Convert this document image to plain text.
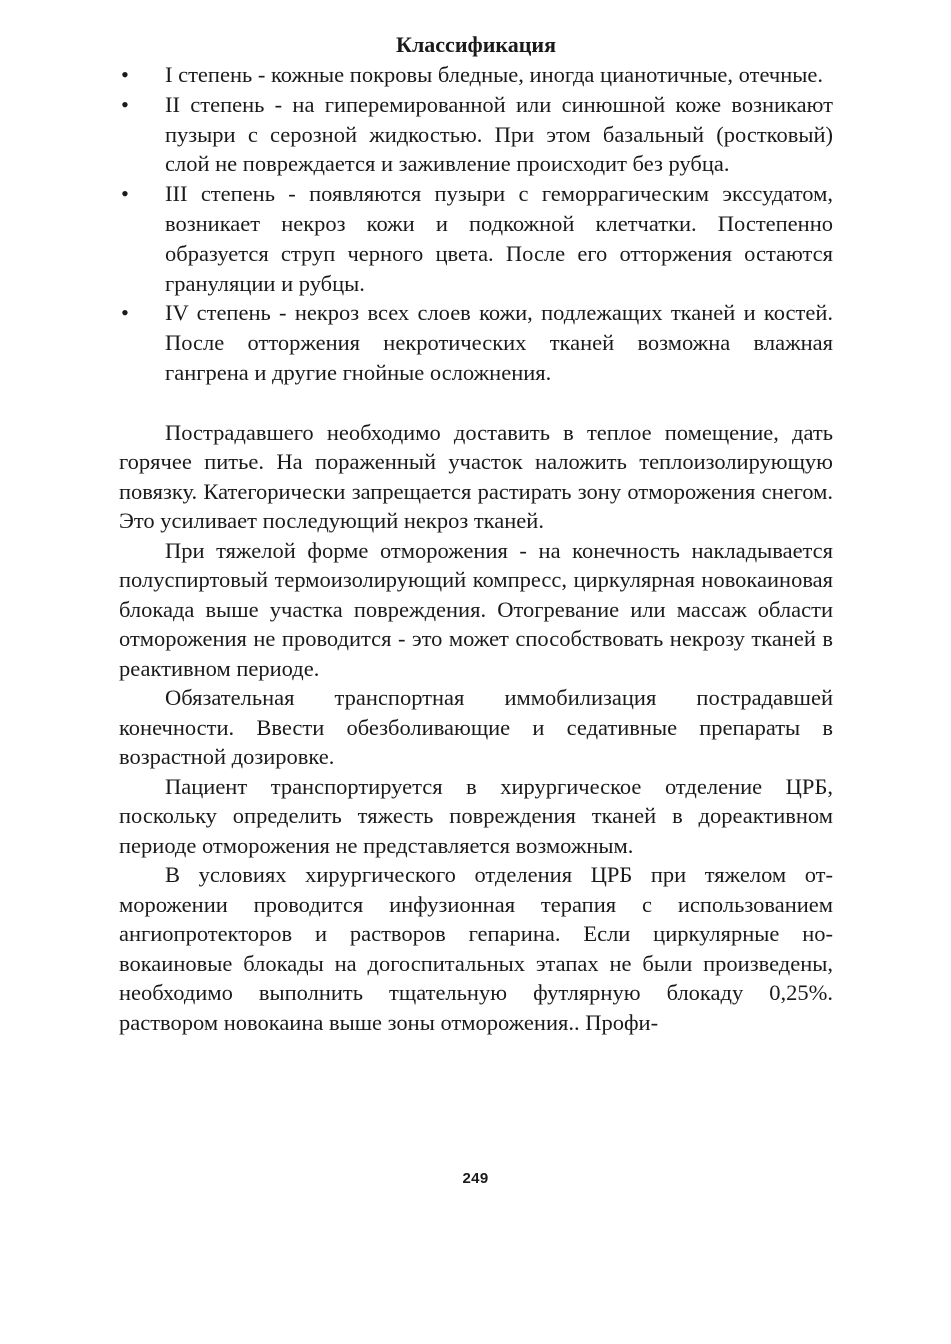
Классификация
• I степень - кожные покровы бледные, иногда цианотичные, отечные.
• II степень - на гиперемированной или синюшной коже возникают пузыри с серозной жидкостью. При этом базальный (ростковый) слой не повреждается и заживление происходит без рубца.
• III степень - появляются пузыри с геморрагическим экссудатом, возникает некроз кожи и подкожной клетчатки. Постепенно образуется струп черного цвета. После его отторжения остаются грануляции и рубцы.
• IV степень - некроз всех слоев кожи, подлежащих тканей и костей. После отторжения некротических тканей возможна влажная гангрена и другие гнойные осложнения.

Пострадавшего необходимо доставить в теплое помещение, дать горячее питье. На пораженный участок наложить теплоизолирующую повязку. Категорически запрещается растирать зону отморожения снегом. Это усиливает последующий некроз тканей.

При тяжелой форме отморожения - на конечность накладывается полуспиртовый термоизолирующий компресс, циркулярная новокаиновая блокада выше участка повреждения. Отогревание или массаж области отморожения не проводится - это может способствовать некрозу тканей в реактивном периоде.

Обязательная транспортная иммобилизация пострадавшей конечности. Ввести обезболивающие и седативные препараты в возрастной дозировке.

Пациент транспортируется в хирургическое отделение ЦРБ, поскольку определить тяжесть повреждения тканей в дореактивном периоде отморожения не представляется возможным.

В условиях хирургического отделения ЦРБ при тяжелом отморожении проводится инфузионная терапия с использованием ангиопротекторов и растворов гепарина. Если циркулярные новокаиновые блокады на догоспитальных этапах не были произведены, необходимо выполнить тщательную футлярную блокаду 0,25%. раствором новокаина выше зоны отморожения.. Профи-

249
